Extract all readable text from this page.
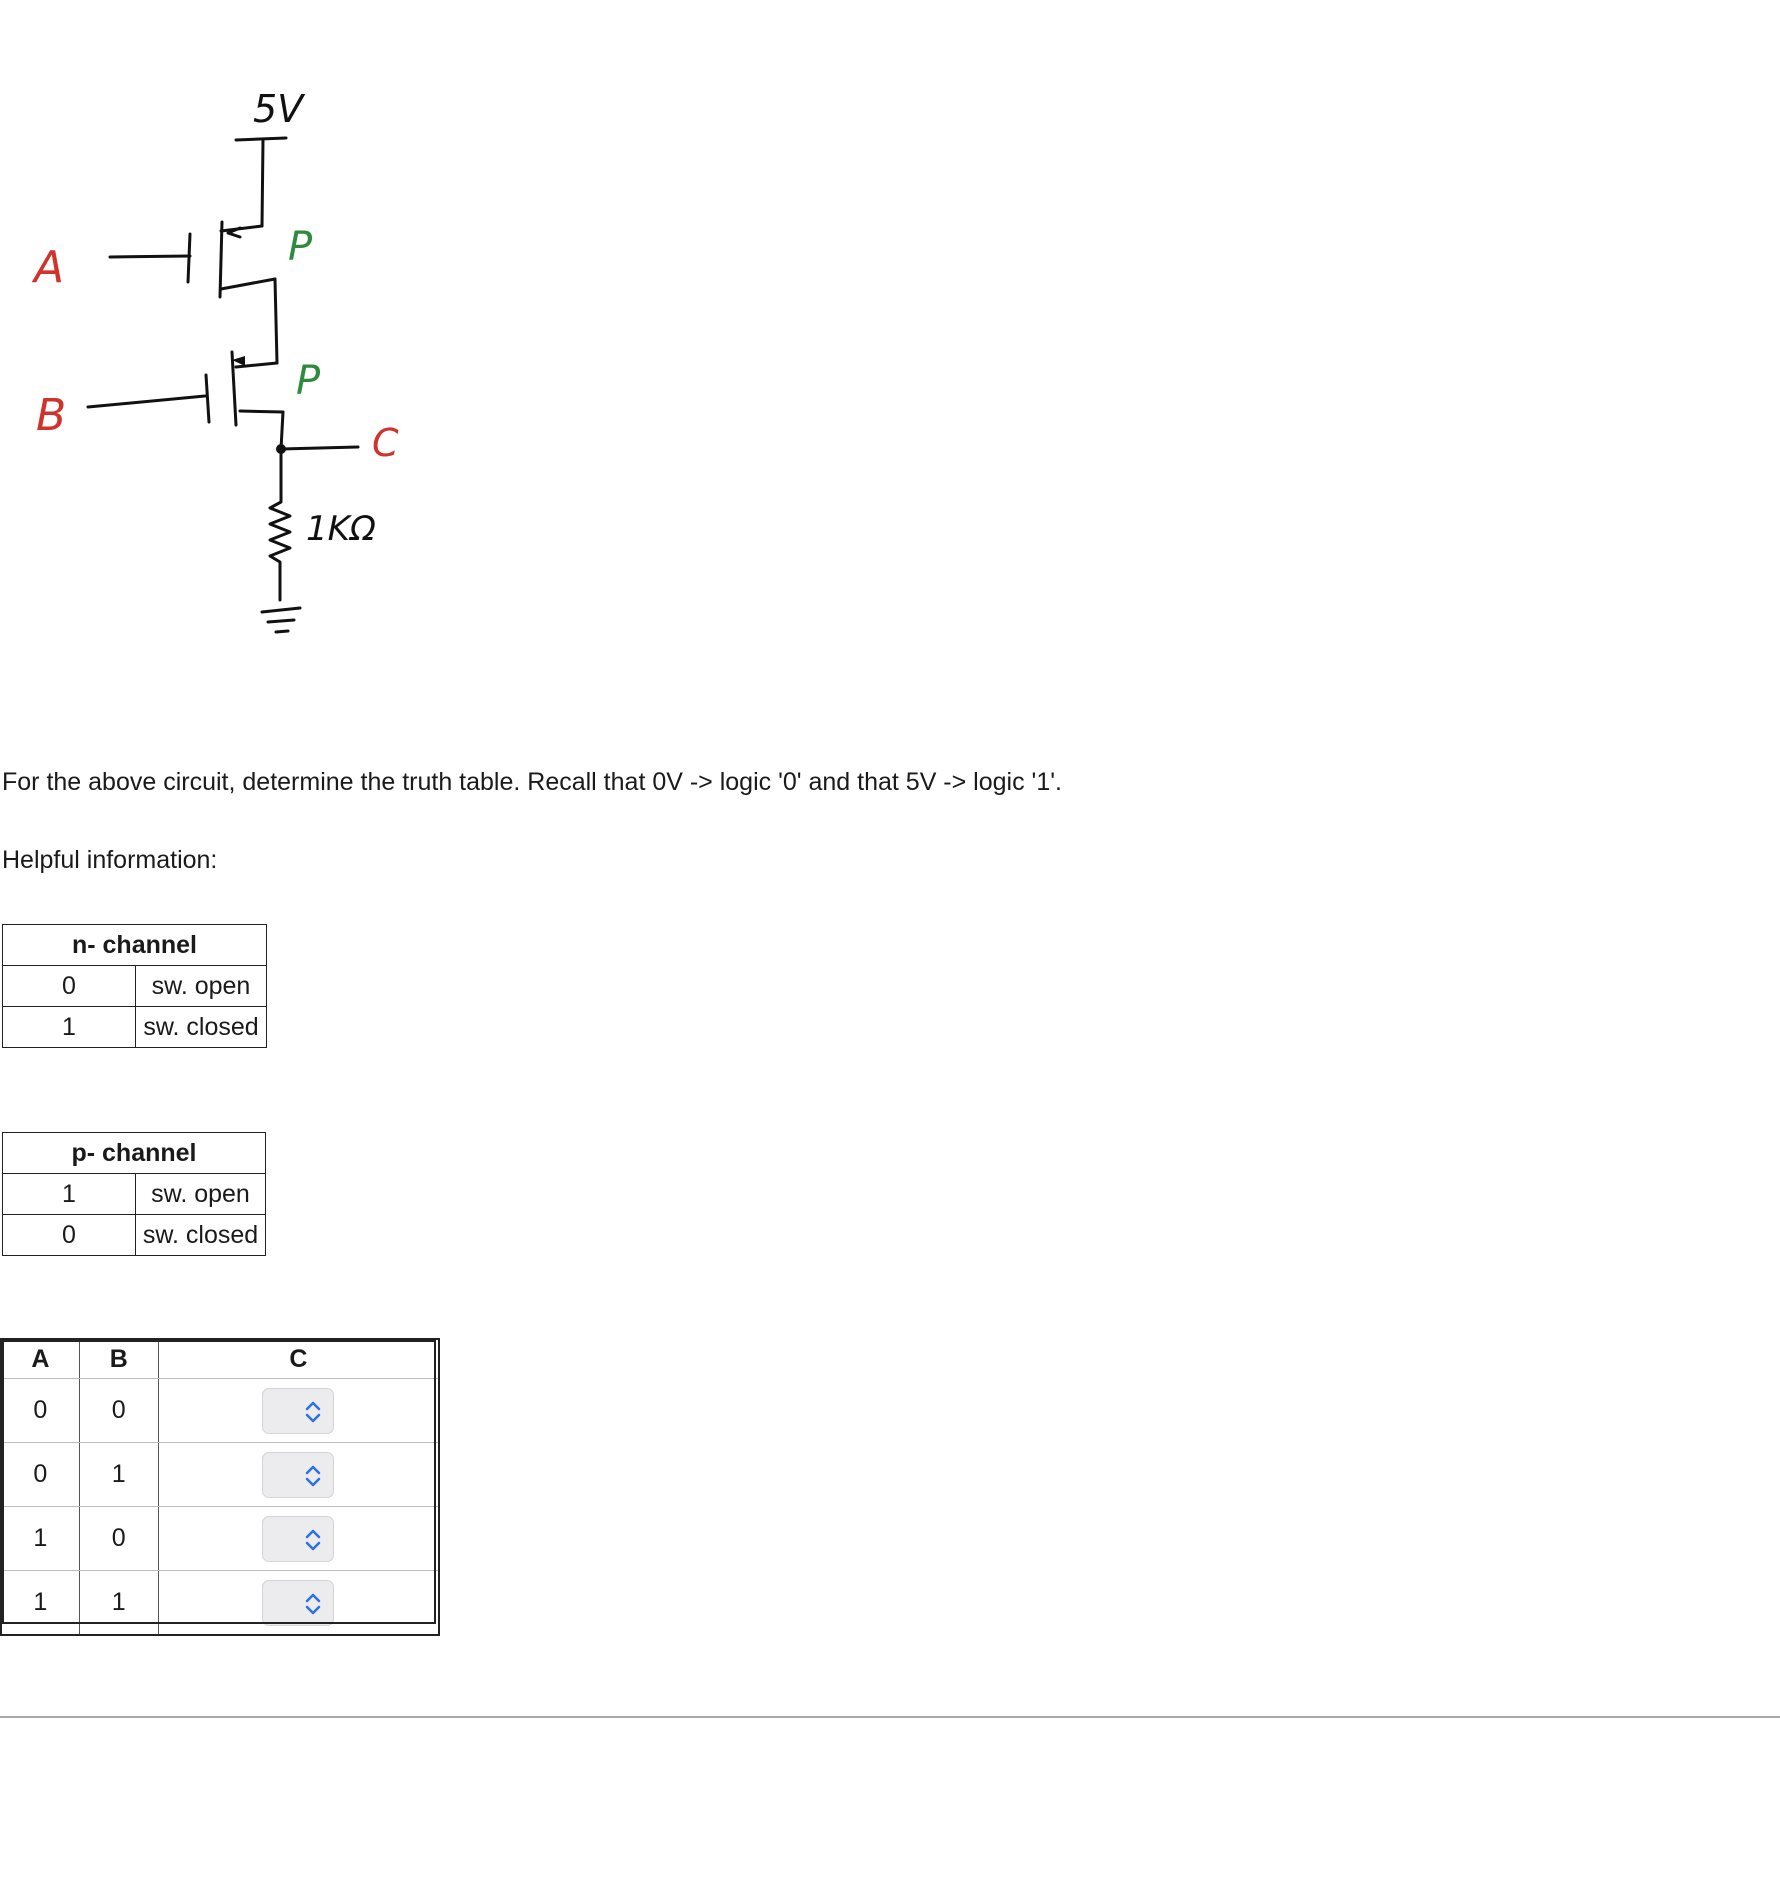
5V
A
B
C
P
P
1KΩ
For the above circuit, determine the truth table. Recall that 0V -> logic '0' and that 5V -> logic '1'.
Helpful information:
n- channel	
0	sw. open
1	sw. closed
p- channel	
1	sw. open
0	sw. closed
A	B	C
0	0	

0	1	

1	0	

1	1	
